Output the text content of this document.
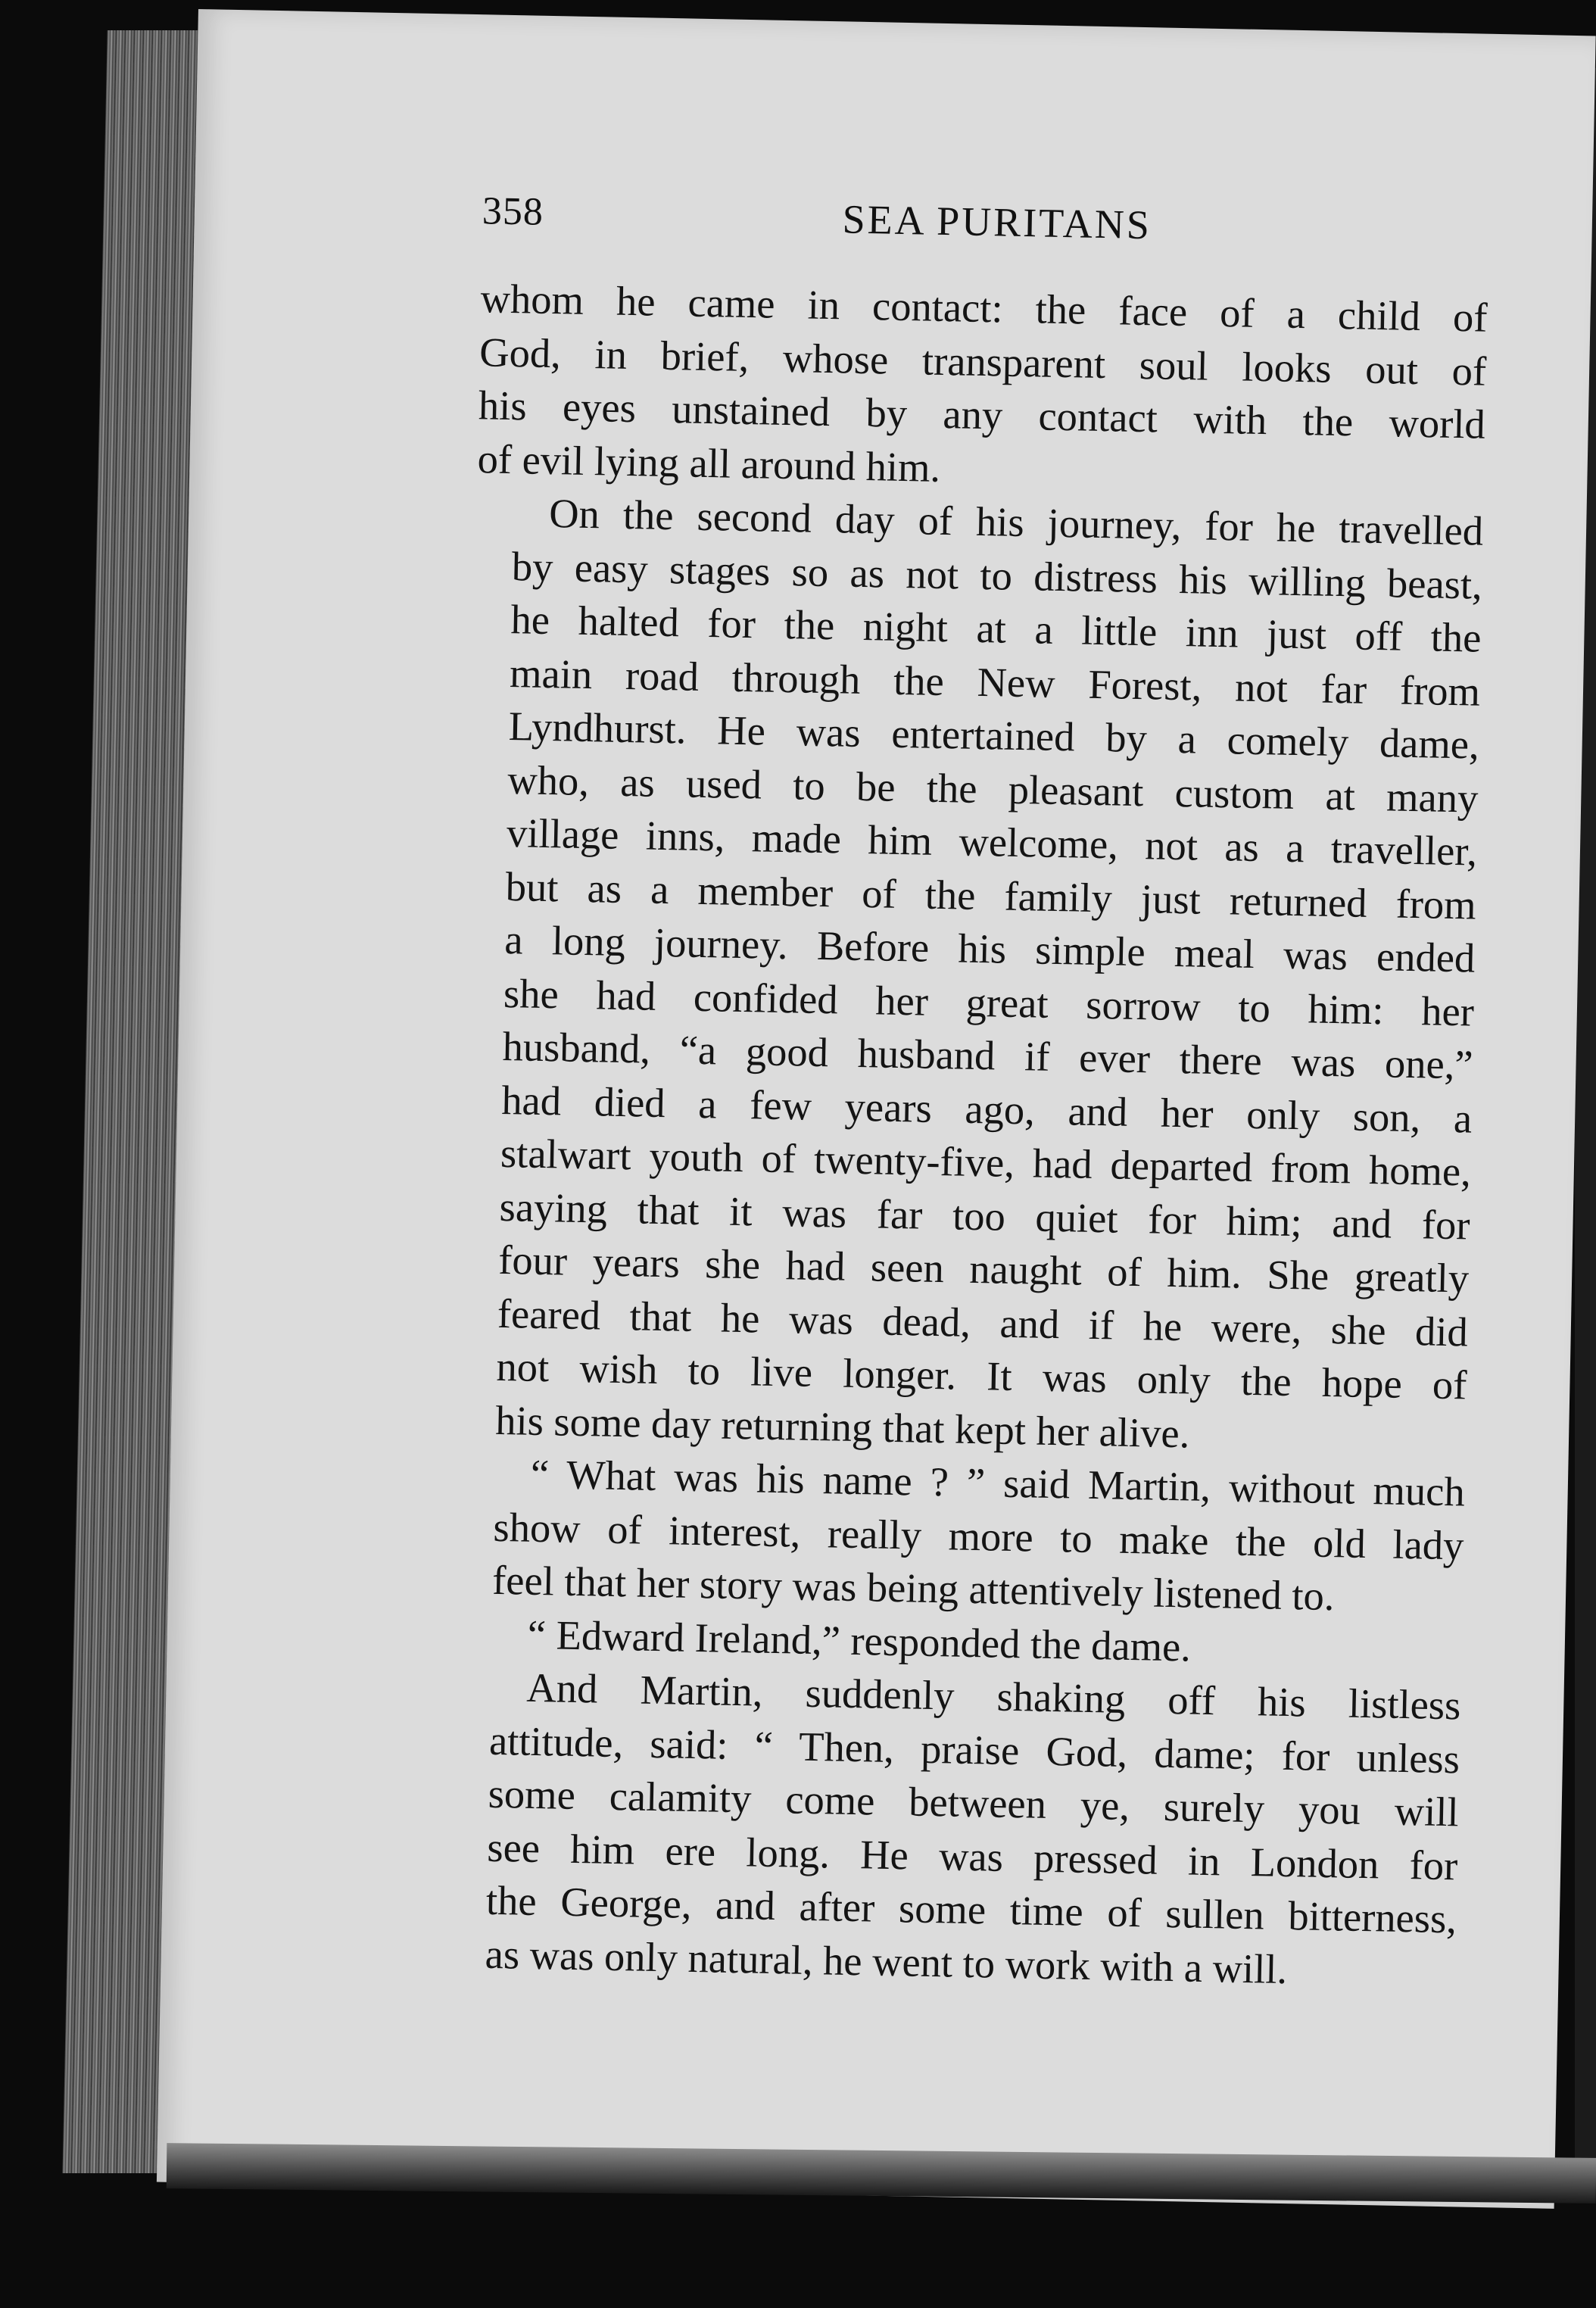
358	SEA PURITANS

whom he came in contact: the face of a child of
God, in brief, whose transparent soul looks out of
his eyes unstained by any contact with the world
of evil lying all around him.

On the second day of his journey, for he travelled
by easy stages so as not to distress his willing beast,
he halted for the night at a little inn just off the
main road through the New Forest, not far from
Lyndhurst. He was entertained by a comely dame,
who, as used to be the pleasant custom at many
village inns, made him welcome, not as a traveller,
but as a member of the family just returned from
a long journey. Before his simple meal was ended
she had confided her great sorrow to him: her
husband, “a good husband if ever there was one,”
had died a few years ago, and her only son, a
stalwart youth of twenty-five, had departed from home,
saying that it was far too quiet for him; and for
four years she had seen naught of him. She greatly
feared that he was dead, and if he were, she did
not wish to live longer. It was only the hope of
his some day returning that kept her alive.

“ What was his name ? ” said Martin, without much
show of interest, really more to make the old lady
feel that her story was being attentively listened to.

“ Edward Ireland,” responded the dame.

And Martin, suddenly shaking off his listless
attitude, said: “ Then, praise God, dame; for unless
some calamity come between ye, surely you will
see him ere long. He was pressed in London for
the George, and after some time of sullen bitterness,
as was only natural, he went to work with a will.
